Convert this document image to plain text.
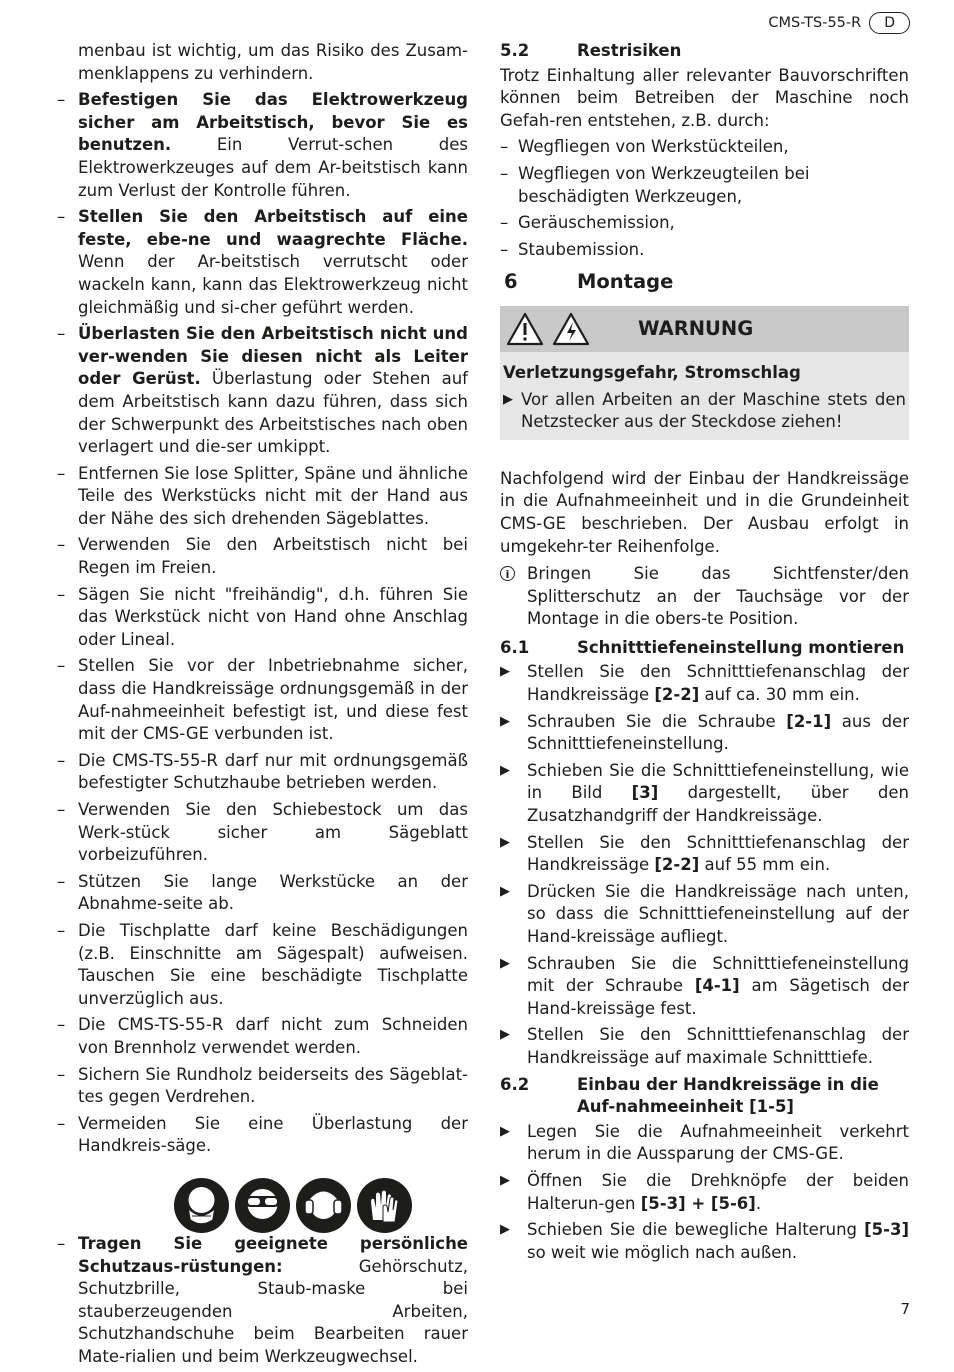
CMS-TS-55-R	D

menbau ist wichtig, um das Risiko des Zusam-menklappens zu verhindern.

– Befestigen Sie das Elektrowerkzeug sicher am Arbeitstisch, bevor Sie es benutzen. Ein Verrut-schen des Elektrowerkzeuges auf dem Ar-beitstisch kann zum Verlust der Kontrolle führen.
– Stellen Sie den Arbeitstisch auf eine feste, ebe-ne und waagrechte Fläche. Wenn der Ar-beitstisch verrutscht oder wackeln kann, kann das Elektrowerkzeug nicht gleichmäßig und si-cher geführt werden.
– Überlasten Sie den Arbeitstisch nicht und ver-wenden Sie diesen nicht als Leiter oder Gerüst. Überlastung oder Stehen auf dem Arbeitstisch kann dazu führen, dass sich der Schwerpunkt des Arbeitstisches nach oben verlagert und die-ser umkippt.
– Entfernen Sie lose Splitter, Späne und ähnliche Teile des Werkstücks nicht mit der Hand aus der Nähe des sich drehenden Sägeblattes.
– Verwenden Sie den Arbeitstisch nicht bei Regen im Freien.
– Sägen Sie nicht "freihändig", d.h. führen Sie das Werkstück nicht von Hand ohne Anschlag oder Lineal.
– Stellen Sie vor der Inbetriebnahme sicher, dass die Handkreissäge ordnungsgemäß in der Auf-nahmeeinheit befestigt ist, und diese fest mit der CMS-GE verbunden ist.
– Die CMS-TS-55-R darf nur mit ordnungsgemäß befestigter Schutzhaube betrieben werden.
– Verwenden Sie den Schiebestock um das Werk-stück sicher am Sägeblatt vorbeizuführen.
– Stützen Sie lange Werkstücke an der Abnahme-seite ab.
– Die Tischplatte darf keine Beschädigungen (z.B. Einschnitte am Sägespalt) aufweisen. Tauschen Sie eine beschädigte Tischplatte unverzüglich aus.
– Die CMS-TS-55-R darf nicht zum Schneiden von Brennholz verwendet werden.
– Sichern Sie Rundholz beiderseits des Sägeblat-tes gegen Verdrehen.
– Vermeiden Sie eine Überlastung der Handkreis-säge.
– Tragen Sie geeignete persönliche Schutzaus-rüstungen: Gehörschutz, Schutzbrille, Staub-maske bei stauberzeugenden Arbeiten, Schutzhandschuhe beim Bearbeiten rauer Mate-rialien und beim Werkzeugwechsel.
5.2	Restrisiken

Trotz Einhaltung aller relevanter Bauvorschriften können beim Betreiben der Maschine noch Gefah-ren entstehen, z.B. durch:

– Wegfliegen von Werkstückteilen,
– Wegfliegen von Werkzeugteilen bei beschädigten Werkzeugen,
– Geräuschemission,
– Staubemission.
6	Montage
WARNUNG
Verletzungsgefahr, Stromschlag
▶ Vor allen Arbeiten an der Maschine stets den Netzstecker aus der Steckdose ziehen!

Nachfolgend wird der Einbau der Handkreissäge in die Aufnahmeeinheit und in die Grundeinheit CMS-GE beschrieben. Der Ausbau erfolgt in umgekehr-ter Reihenfolge.

i	Bringen Sie das Sichtfenster/den Splitterschutz an der Tauchsäge vor der Montage in die obers-te Position.
6.1	Schnitttiefeneinstellung montieren
▶ Stellen Sie den Schnitttiefenanschlag der Handkreissäge [2-2] auf ca. 30 mm ein.
▶ Schrauben Sie die Schraube [2-1] aus der Schnitttiefeneinstellung.
▶ Schieben Sie die Schnitttiefeneinstellung, wie in Bild [3] dargestellt, über den Zusatzhandgriff der Handkreissäge.
▶ Stellen Sie den Schnitttiefenanschlag der Handkreissäge [2-2] auf 55 mm ein.
▶ Drücken Sie die Handkreissäge nach unten, so dass die Schnitttiefeneinstellung auf der Hand-kreissäge aufliegt.
▶ Schrauben Sie die Schnitttiefeneinstellung mit der Schraube [4-1] am Sägetisch der Hand-kreissäge fest.
▶ Stellen Sie den Schnitttiefenanschlag der Handkreissäge auf maximale Schnitttiefe.
6.2	Einbau der Handkreissäge in die Auf-nahmeeinheit [1-5]
▶ Legen Sie die Aufnahmeeinheit verkehrt herum in die Aussparung der CMS-GE.
▶ Öffnen Sie die Drehknöpfe der beiden Halterun-gen [5-3] + [5-6].
▶ Schieben Sie die bewegliche Halterung [5-3] so weit wie möglich nach außen.
7
